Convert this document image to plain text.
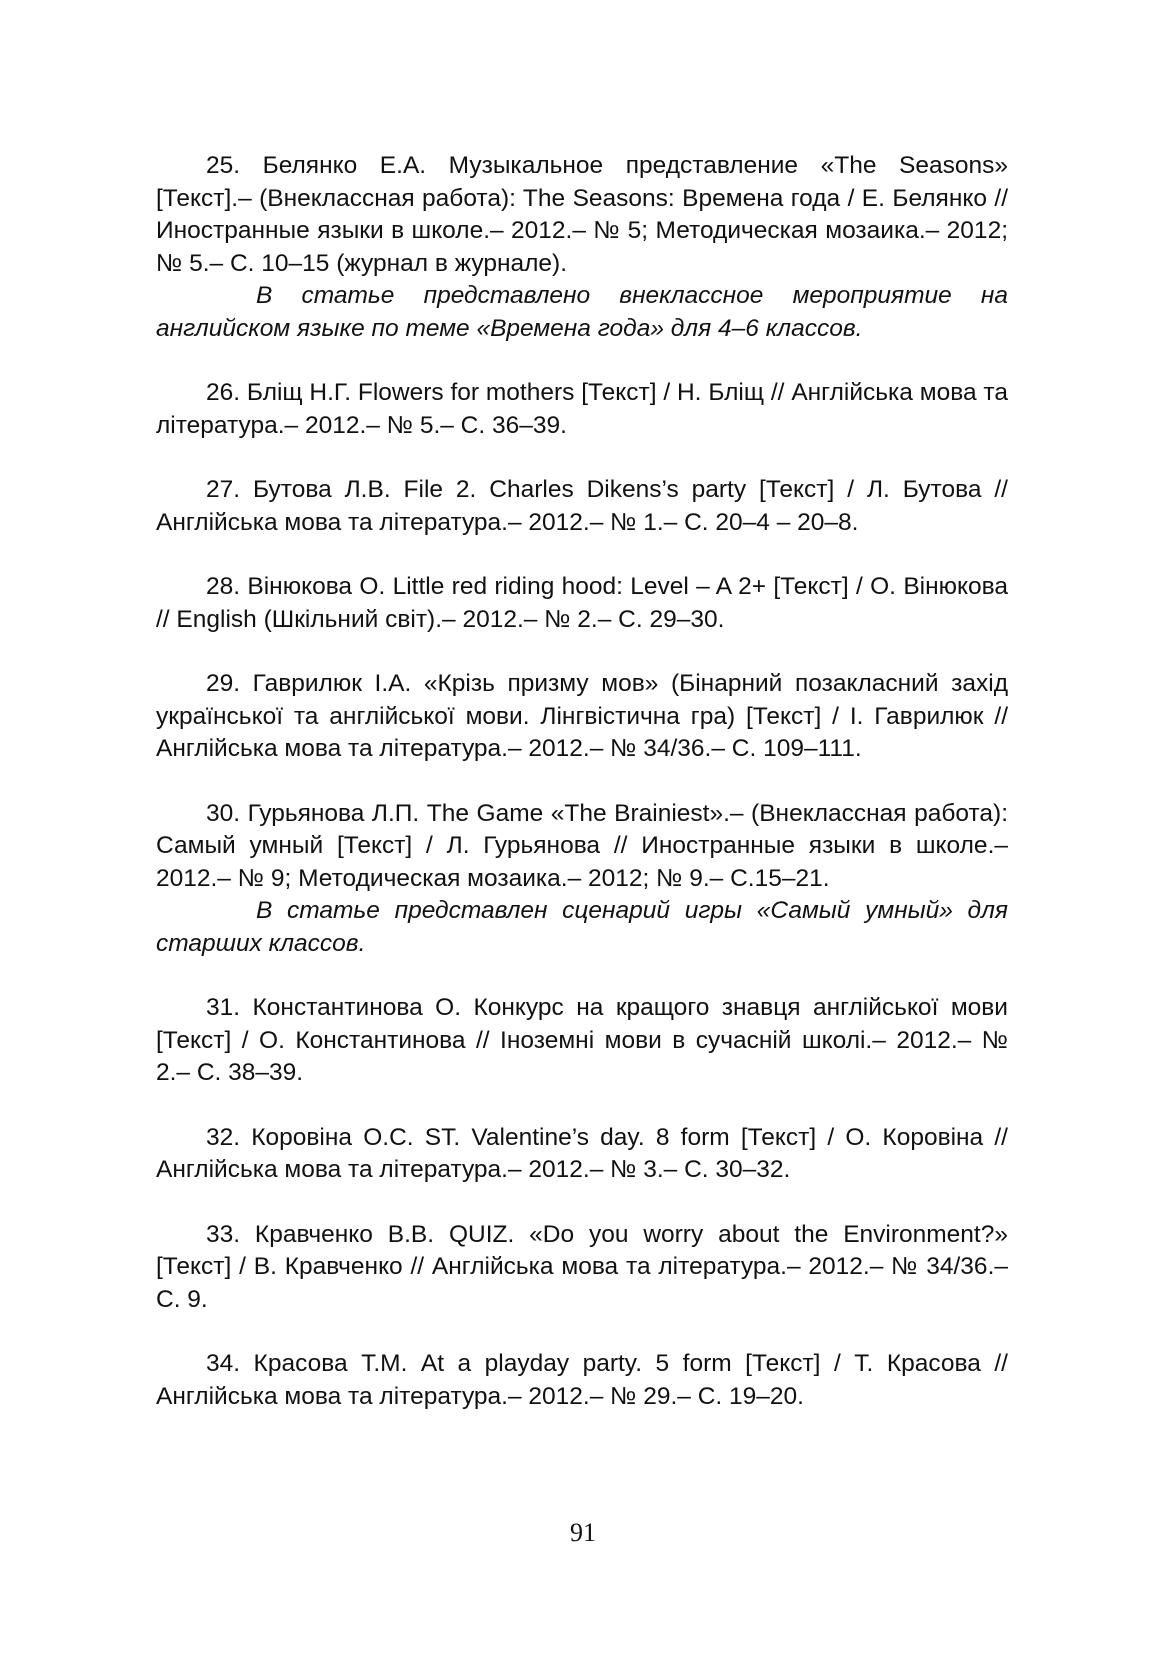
25. Белянко Е.А. Музыкальное представление «The Seasons» [Текст].– (Внеклассная работа): The Seasons: Времена года / Е. Белянко // Иностранные языки в школе.– 2012.– № 5; Методическая мозаика.– 2012; № 5.– С. 10–15 (журнал в журнале).
В статье представлено внеклассное мероприятие на английском языке по теме «Времена года» для 4–6 классов.

26. Бліщ Н.Г. Flowers for mothers [Текст] / Н. Бліщ // Англійська мова та література.– 2012.– № 5.– С. 36–39.

27. Бутова Л.В. File 2. Charles Dikens’s party [Текст] / Л. Бутова // Англійська мова та література.– 2012.– № 1.– С. 20–4 – 20–8.

28. Вінюкова О. Little red riding hood: Level – A 2+ [Текст] / О. Вінюкова // English (Шкільний світ).– 2012.– № 2.– С. 29–30.

29. Гаврилюк І.А. «Крізь призму мов» (Бінарний позакласний захід української та англійської мови. Лінгвістична гра) [Текст] / І. Гаврилюк // Англійська мова та література.– 2012.– № 34/36.– С. 109–111.

30. Гурьянова Л.П. The Game «The Brainiest».– (Внеклассная работа): Самый умный [Текст] / Л. Гурьянова // Иностранные языки в школе.– 2012.– № 9; Методическая мозаика.– 2012; № 9.– С.15–21.
В статье представлен сценарий игры «Самый умный» для старших классов.

31. Константинова О. Конкурс на кращого знавця англійської мови [Текст] / О. Константинова // Іноземні мови в сучасній школі.– 2012.– № 2.– С. 38–39.

32. Коровіна О.С. ST. Valentine’s day. 8 form [Текст] / О. Коровіна // Англійська мова та література.– 2012.– № 3.– С. 30–32.

33. Кравченко В.В. QUIZ. «Do you worry about the Environment?» [Текст] / В. Кравченко // Англійська мова та література.– 2012.– № 34/36.– С. 9.

34. Красова Т.М. At a playday party. 5 form [Текст] / Т. Красова // Англійська мова та література.– 2012.– № 29.– С. 19–20.

91
